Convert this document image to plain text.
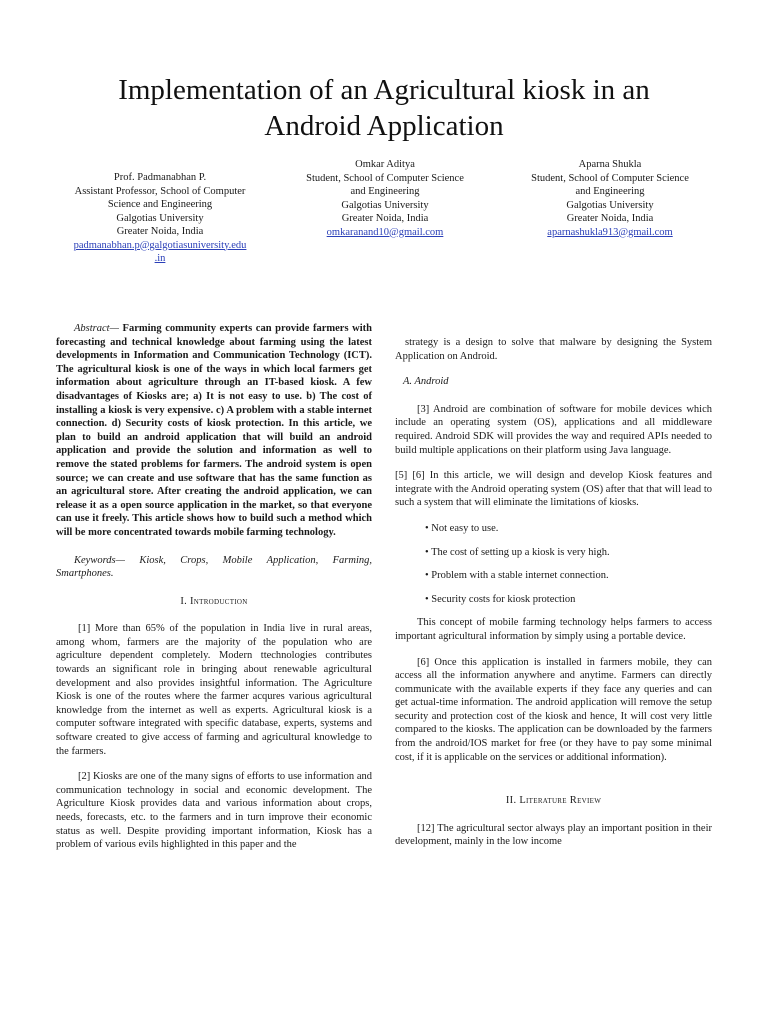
Implementation of an Agricultural kiosk in an
Android Application
Prof. Padmanabhan P.
Assistant Professor, School of Computer
Science and Engineering
Galgotias University
Greater Noida, India
padmanabhan.p@galgotiasuniversity.edu
.in
Omkar Aditya
Student, School of Computer Science
and Engineering
Galgotias University
Greater Noida, India
omkaranand10@gmail.com
Aparna Shukla
Student, School of Computer Science
and Engineering
Galgotias University
Greater Noida, India
aparnashukla913@gmail.com

Abstract— Farming community experts can provide farmers with forecasting and technical knowledge about farming using the latest developments in Information and Communication Technology (ICT). The agricultural kiosk is one of the ways in which local farmers get information about agriculture through an IT-based kiosk. A few disadvantages of Kiosks are; a) It is not easy to use. b) The cost of installing a kiosk is very expensive. c) A problem with a stable internet connection. d) Security costs of kiosk protection. In this article, we plan to build an android application that will build an android application and provide the solution and information as well to remove the stated problems for farmers. The android system is open source; we can create and use software that has the same function as an agricultural store. After creating the android application, we can release it as a open source application in the market, so that everyone can use it freely. This article shows how to build such a method which will be more concentrated towards mobile farming technology.

Keywords— Kiosk, Crops, Mobile Application, Farming, Smartphones.

I. Introduction

[1] More than 65% of the population in India live in rural areas, among whom, farmers are the majority of the population who are agriculture dependent completely. Modern ttechnologies contributes towards an significant role in bringing about renewable agricultural development and also provides insightful information. The Agriculture Kiosk is one of the routes where the farmer acqures various agricultural knowledge from the internet as well as experts. Agricultural kiosk is a computer software integrated with specific database, experts, systems and software created to give access of farming and agricultural knowledge to the farmers.

[2] Kiosks are one of the many signs of efforts to use information and communication technology in social and economic development. The Agriculture Kiosk provides data and various information about crops, needs, forecasts, etc. to the farmers and in turn improve their economic status as well. Despite providing important information, Kiosk has a problem of various evils highlighted in this paper and the

strategy is a design to solve that malware by designing the System Application on Android.

A. Android

[3] Android are combination of software for mobile devices which include an operating system (OS), applications and all middleware required. Android SDK will provides the way and required APIs needed to build multiple applications on their platform using Java language.

[5] [6] In this article, we will design and develop Kiosk features and integrate with the Android operating system (OS) after that that will lead to such a system that will eliminate the limitations of kiosks.

• Not easy to use.
• The cost of setting up a kiosk is very high.
• Problem with a stable internet connection.
• Security costs for kiosk protection

This concept of mobile farming technology helps farmers to access important agricultural information by simply using a portable device.

[6] Once this application is installed in farmers mobile, they can access all the information anywhere and anytime. Farmers can directly communicate with the available experts if they face any queries and can get actual-time information. The android application will remove the setup security and protection cost of the kiosk and hence, It will cost very little compared to the kiosks. The application can be downloaded by the farmers from the android/IOS market for free (or they have to pay some minimal cost, if it is applicable on the services or additional information).

II. Literature Review

[12] The agricultural sector always play an important position in their development, mainly in the low income
